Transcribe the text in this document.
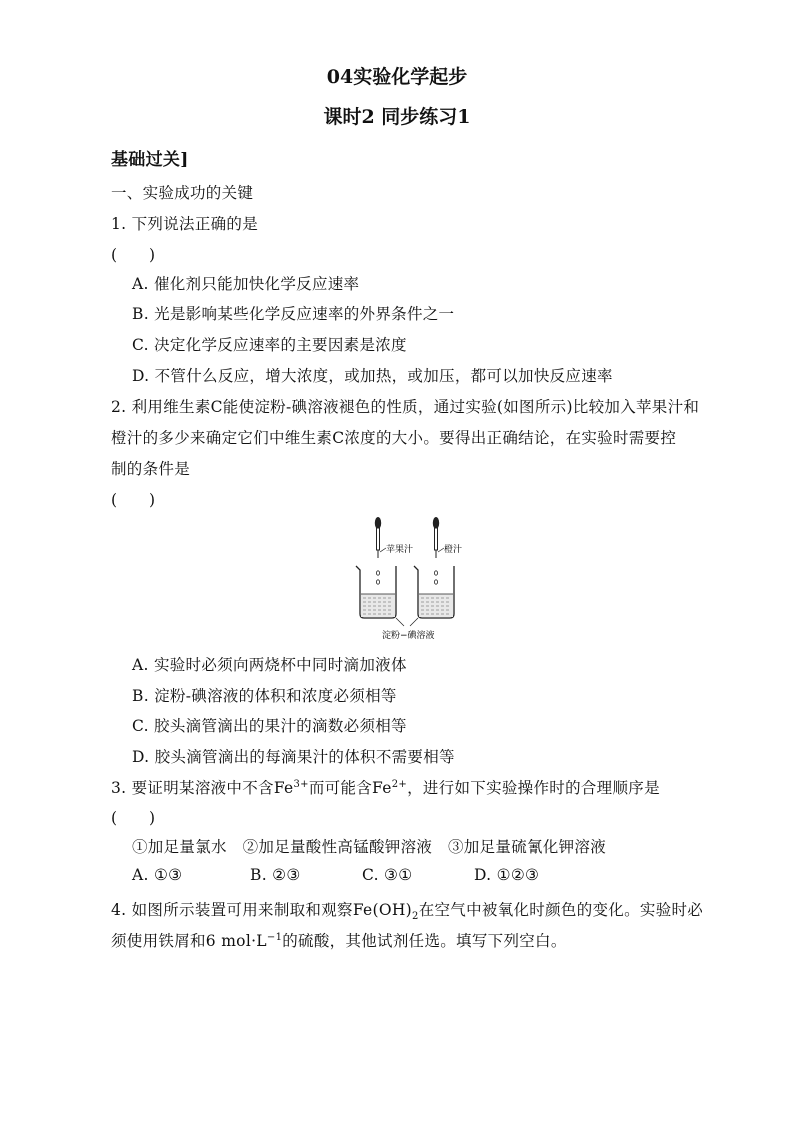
04实验化学起步
课时2 同步练习1
基础过关]
一、实验成功的关键
1. 下列说法正确的是
(　　)
A. 催化剂只能加快化学反应速率
B. 光是影响某些化学反应速率的外界条件之一
C. 决定化学反应速率的主要因素是浓度
D. 不管什么反应，增大浓度，或加热，或加压，都可以加快反应速率
2. 利用维生素C能使淀粉-碘溶液褪色的性质，通过实验(如图所示)比较加入苹果汁和
橙汁的多少来确定它们中维生素C浓度的大小。要得出正确结论，在实验时需要控
制的条件是
(　　)
苹果汁	橙汁
淀粉−碘溶液
A. 实验时必须向两烧杯中同时滴加液体
B. 淀粉-碘溶液的体积和浓度必须相等
C. 胶头滴管滴出的果汁的滴数必须相等
D. 胶头滴管滴出的每滴果汁的体积不需要相等
3. 要证明某溶液中不含$Fe^{3+}$而可能含$Fe^{2+}$，进行如下实验操作时的合理顺序是
(　　)
①加足量氯水　②加足量酸性高锰酸钾溶液　③加足量硫氰化钾溶液
A. ①③	B. ②③	C. ③①	D. ①②③
4. 如图所示装置可用来制取和观察$Fe(OH)_2$在空气中被氧化时颜色的变化。实验时必
须使用铁屑和6 $mol\cdot L^{-1}$的硫酸，其他试剂任选。填写下列空白。
